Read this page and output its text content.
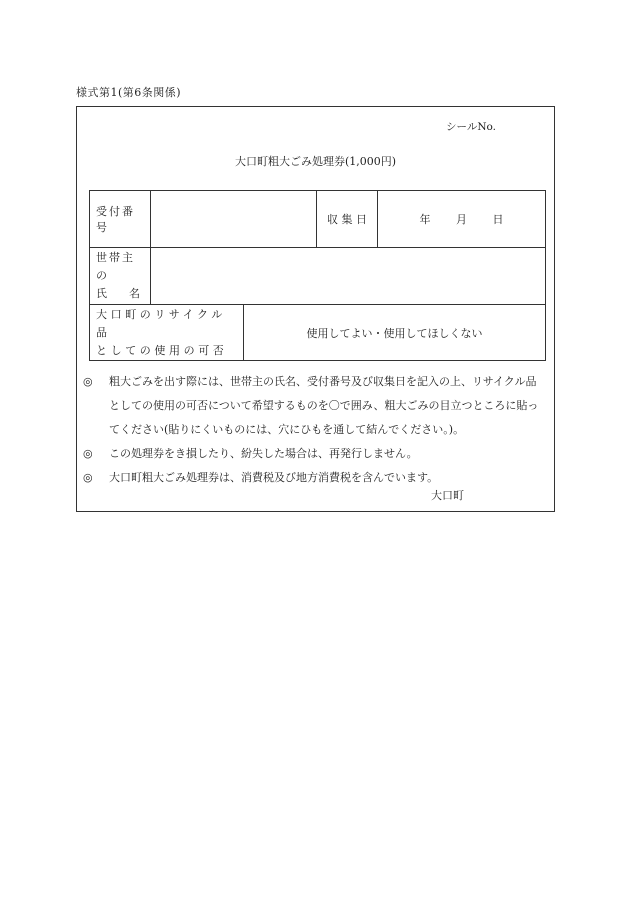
様式第1(第6条関係)
シールNo.
大口町粗大ごみ処理券(1,000円)
受付番号			収 集 日	年 月 日

世帯主の
氏　　名				

大口町のリサイクル品
としての使用の可否		使用してよい・使用してほしくない		
◎ 粗大ごみを出す際には、世帯主の氏名、受付番号及び収集日を記入の上、リサイクル品としての使用の可否について希望するものを〇で囲み、粗大ごみの目立つところに貼ってください(貼りにくいものには、穴にひもを通して結んでください。)。
◎ この処理券をき損したり、紛失した場合は、再発行しません。
◎ 大口町粗大ごみ処理券は、消費税及び地方消費税を含んでいます。
大口町
